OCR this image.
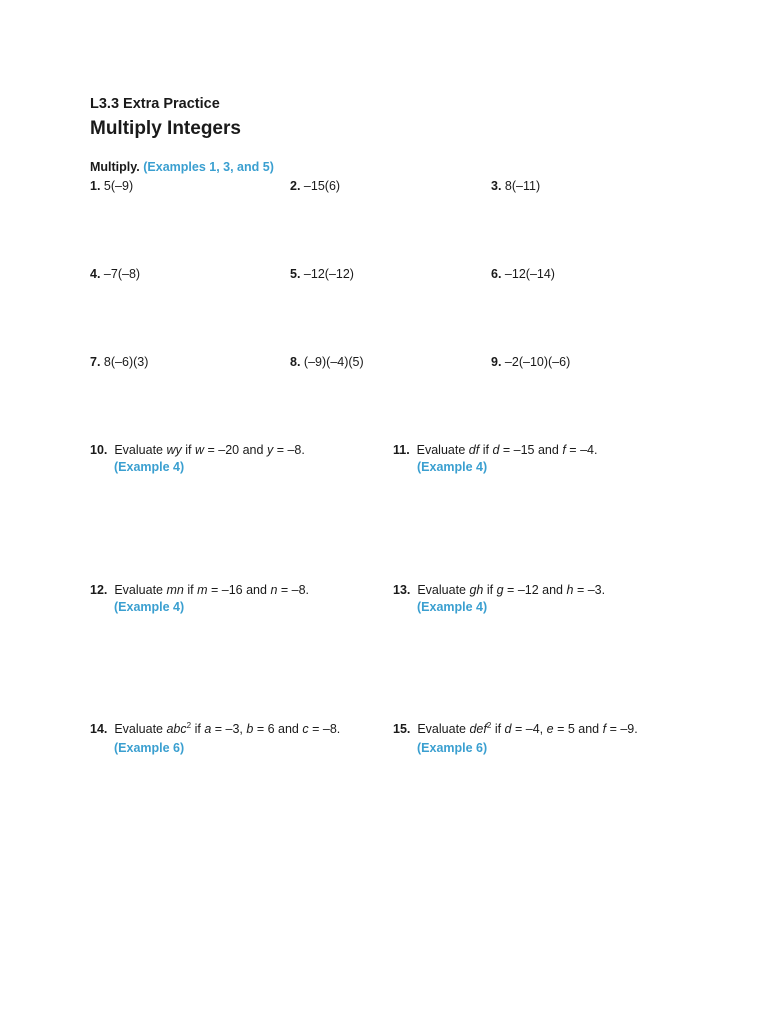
L3.3 Extra Practice
Multiply Integers
Multiply. (Examples 1, 3, and 5)
1. 5(–9)	2. –15(6)	3. 8(–11)
4. –7(–8)	5. –12(–12)	6. –12(–14)
7. 8(–6)(3)	8. (–9)(–4)(5)	9. –2(–10)(–6)
10. Evaluate wy if w = –20 and y = –8.
(Example 4)
11. Evaluate df if d = –15 and f = –4.
(Example 4)
12. Evaluate mn if m = –16 and n = –8.
(Example 4)
13. Evaluate gh if g = –12 and h = –3.
(Example 4)
14. Evaluate abc$^2$ if a = –3, b = 6 and c = –8.
(Example 6)
15. Evaluate def$^2$ if d = –4, e = 5 and f = –9.
(Example 6)
